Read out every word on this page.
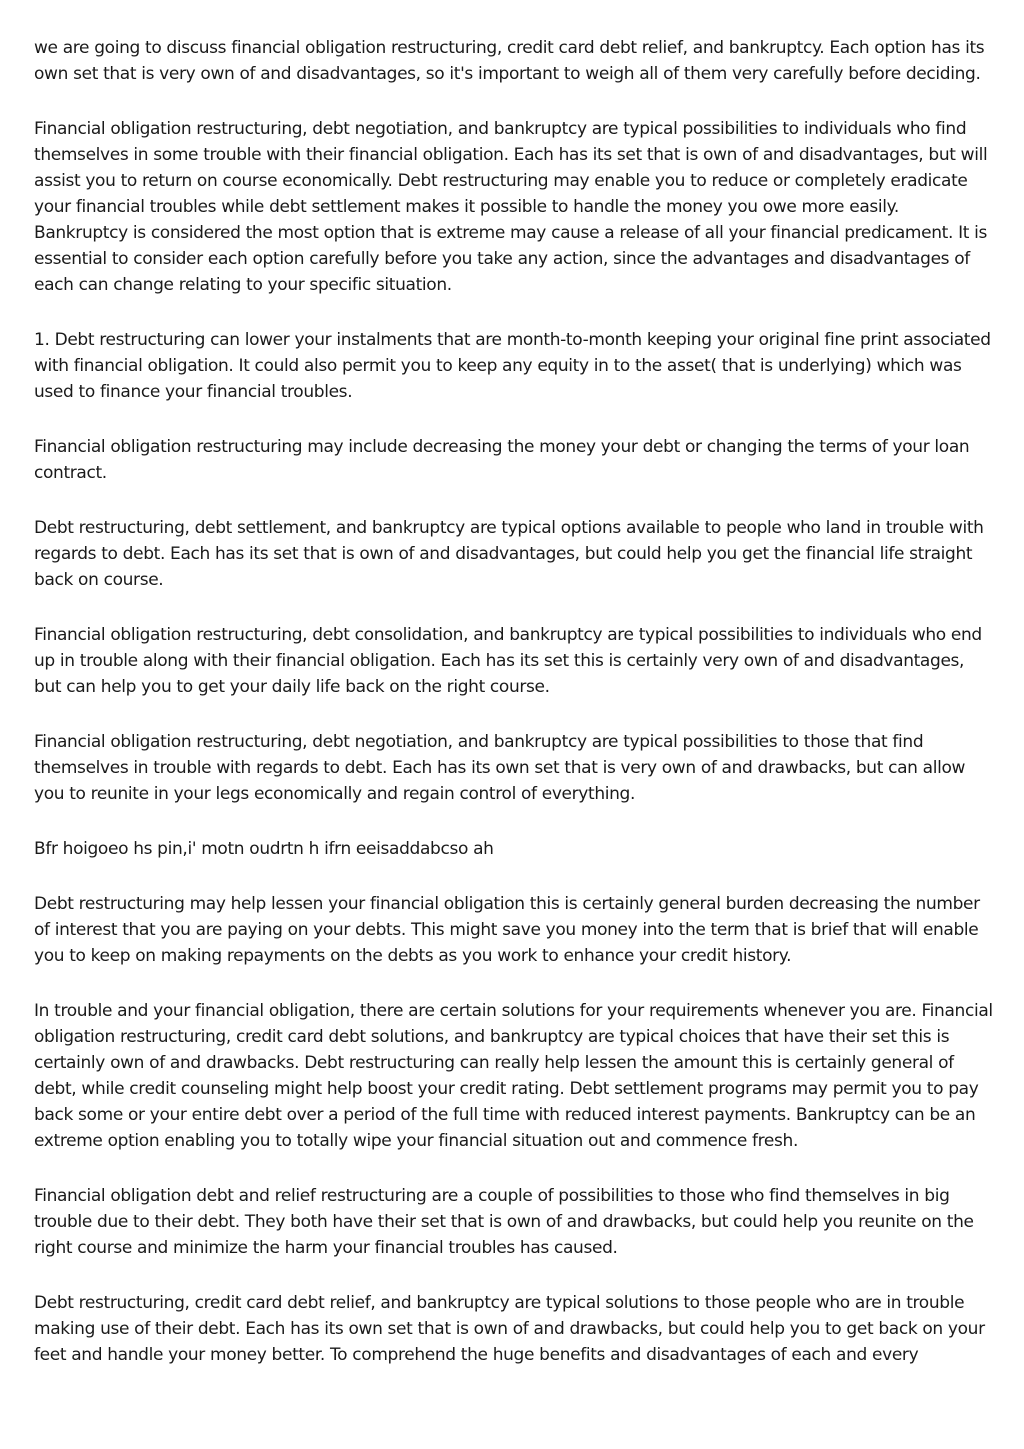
we are going to discuss financial obligation restructuring, credit card debt relief, and bankruptcy. Each option has its own set that is very own of and disadvantages, so it's important to weigh all of them very carefully before deciding.

Financial obligation restructuring, debt negotiation, and bankruptcy are typical possibilities to individuals who find themselves in some trouble with their financial obligation. Each has its set that is own of and disadvantages, but will assist you to return on course economically. Debt restructuring may enable you to reduce or completely eradicate your financial troubles while debt settlement makes it possible to handle the money you owe more easily. Bankruptcy is considered the most option that is extreme may cause a release of all your financial predicament. It is essential to consider each option carefully before you take any action, since the advantages and disadvantages of each can change relating to your specific situation.

1. Debt restructuring can lower your instalments that are month-to-month keeping your original fine print associated with financial obligation. It could also permit you to keep any equity in to the asset( that is underlying) which was used to finance your financial troubles.

Financial obligation restructuring may include decreasing the money your debt or changing the terms of your loan contract.

Debt restructuring, debt settlement, and bankruptcy are typical options available to people who land in trouble with regards to debt. Each has its set that is own of and disadvantages, but could help you get the financial life straight back on course.

Financial obligation restructuring, debt consolidation, and bankruptcy are typical possibilities to individuals who end up in trouble along with their financial obligation. Each has its set this is certainly very own of and disadvantages, but can help you to get your daily life back on the right course.

Financial obligation restructuring, debt negotiation, and bankruptcy are typical possibilities to those that find themselves in trouble with regards to debt. Each has its own set that is very own of and drawbacks, but can allow you to reunite in your legs economically and regain control of everything.

Bfr hoigoeo hs pin,i' motn oudrtn h ifrn eeisaddabcso ah

Debt restructuring may help lessen your financial obligation this is certainly general burden decreasing the number of interest that you are paying on your debts. This might save you money into the term that is brief that will enable you to keep on making repayments on the debts as you work to enhance your credit history.

In trouble and your financial obligation, there are certain solutions for your requirements whenever you are. Financial obligation restructuring, credit card debt solutions, and bankruptcy are typical choices that have their set this is certainly own of and drawbacks. Debt restructuring can really help lessen the amount this is certainly general of debt, while credit counseling might help boost your credit rating. Debt settlement programs may permit you to pay back some or your entire debt over a period of the full time with reduced interest payments. Bankruptcy can be an extreme option enabling you to totally wipe your financial situation out and commence fresh.

Financial obligation debt and relief restructuring are a couple of possibilities to those who find themselves in big trouble due to their debt. They both have their set that is own of and drawbacks, but could help you reunite on the right course and minimize the harm your financial troubles has caused.

Debt restructuring, credit card debt relief, and bankruptcy are typical solutions to those people who are in trouble making use of their debt. Each has its own set that is own of and drawbacks, but could help you to get back on your feet and handle your money better. To comprehend the huge benefits and disadvantages of each and every
